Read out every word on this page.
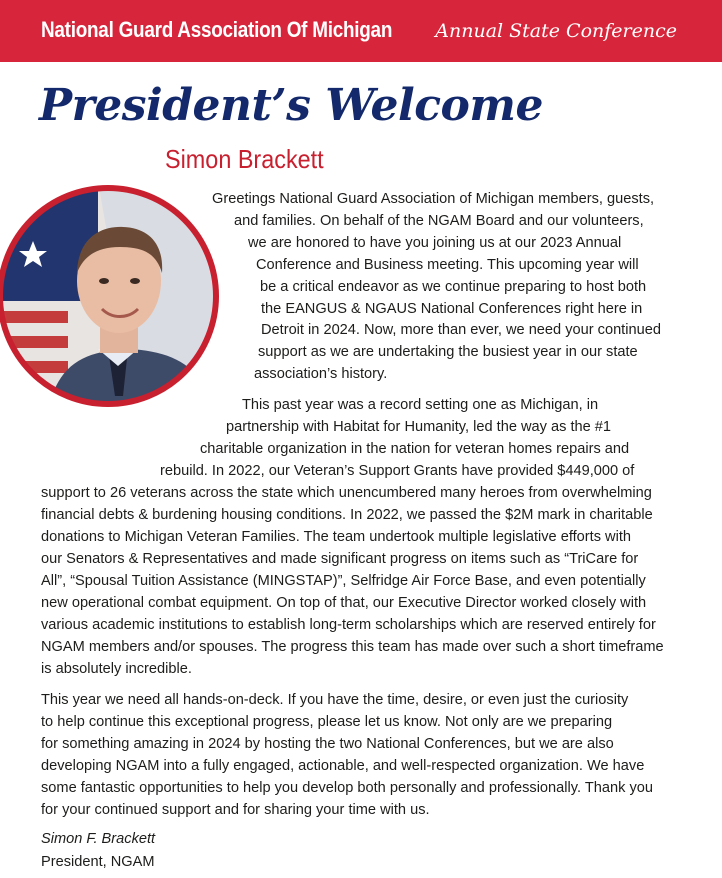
National Guard Association Of Michigan Annual State Conference
President’s Welcome
Simon Brackett

Greetings National Guard Association of Michigan members, guests,

and families. On behalf of the NGAM Board and our volunteers,

we are honored to have you joining us at our 2023 Annual

Conference and Business meeting. This upcoming year will

be a critical endeavor as we continue preparing to host both

the EANGUS & NGAUS National Conferences right here in

Detroit in 2024. Now, more than ever, we need your continued

support as we are undertaking the busiest year in our state

association’s history.

This past year was a record setting one as Michigan, in

partnership with Habitat for Humanity, led the way as the #1

charitable organization in the nation for veteran homes repairs and

rebuild. In 2022, our Veteran’s Support Grants have provided $449,000 of

support to 26 veterans across the state which unencumbered many heroes from overwhelming

financial debts & burdening housing conditions. In 2022, we passed the $2M mark in charitable

donations to Michigan Veteran Families. The team undertook multiple legislative efforts with

our Senators & Representatives and made significant progress on items such as “TriCare for

All”, “Spousal Tuition Assistance (MINGSTAP)”, Selfridge Air Force Base, and even potentially

new operational combat equipment. On top of that, our Executive Director worked closely with

various academic institutions to establish long-term scholarships which are reserved entirely for

NGAM members and/or spouses. The progress this team has made over such a short timeframe

is absolutely incredible.

This year we need all hands-on-deck. If you have the time, desire, or even just the curiosity

to help continue this exceptional progress, please let us know. Not only are we preparing

for something amazing in 2024 by hosting the two National Conferences, but we are also

developing NGAM into a fully engaged, actionable, and well-respected organization. We have

some fantastic opportunities to help you develop both personally and professionally. Thank you

for your continued support and for sharing your time with us.

Simon F. Brackett
President, NGAM
